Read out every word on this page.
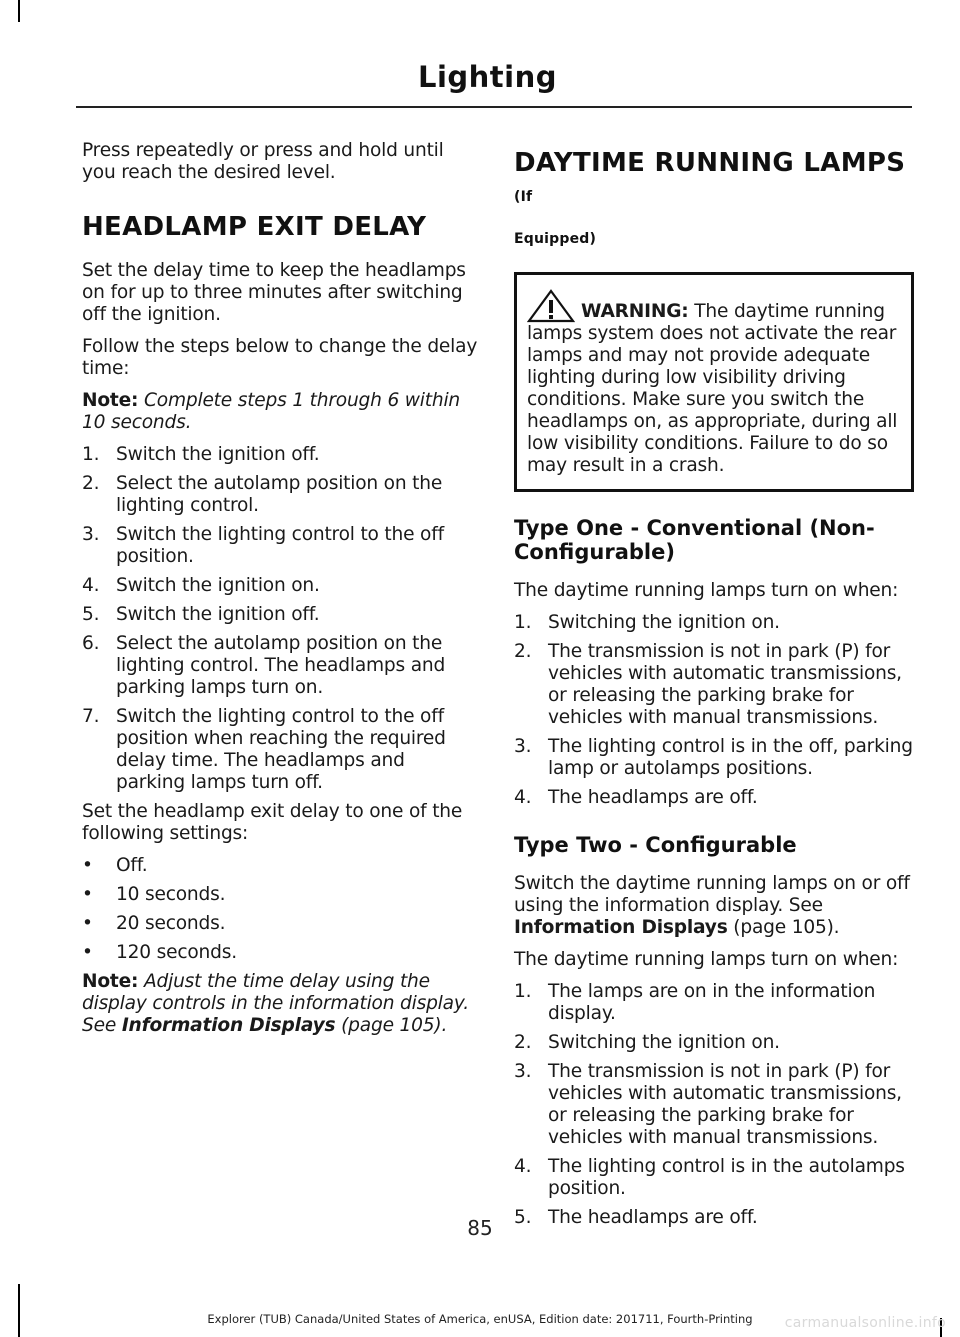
Lighting

Press repeatedly or press and hold until you reach the desired level.

HEADLAMP EXIT DELAY

Set the delay time to keep the headlamps on for up to three minutes after switching off the ignition.

Follow the steps below to change the delay time:

Note: Complete steps 1 through 6 within 10 seconds.

1. Switch the ignition off.
2. Select the autolamp position on the lighting control.
3. Switch the lighting control to the off position.
4. Switch the ignition on.
5. Switch the ignition off.
6. Select the autolamp position on the lighting control. The headlamps and parking lamps turn on.
7. Switch the lighting control to the off position when reaching the required delay time. The headlamps and parking lamps turn off.

Set the headlamp exit delay to one of the following settings:

• Off.
• 10 seconds.
• 20 seconds.
• 120 seconds.

Note: Adjust the time delay using the display controls in the information display. See Information Displays (page 105).

DAYTIME RUNNING LAMPS (If
Equipped)
WARNING: The daytime running lamps system does not activate the rear lamps and may not provide adequate lighting during low visibility driving conditions. Make sure you switch the headlamps on, as appropriate, during all low visibility conditions. Failure to do so may result in a crash.
Type One - Conventional (Non-Configurable)

The daytime running lamps turn on when:

1. Switching the ignition on.
2. The transmission is not in park (P) for vehicles with automatic transmissions, or releasing the parking brake for vehicles with manual transmissions.
3. The lighting control is in the off, parking lamp or autolamps positions.
4. The headlamps are off.
Type Two - Configurable

Switch the daytime running lamps on or off using the information display. See Information Displays (page 105).

The daytime running lamps turn on when:

1. The lamps are on in the information display.
2. Switching the ignition on.
3. The transmission is not in park (P) for vehicles with automatic transmissions, or releasing the parking brake for vehicles with manual transmissions.
4. The lighting control is in the autolamps position.
5. The headlamps are off.
85
Explorer (TUB) Canada/United States of America, enUSA, Edition date: 201711, Fourth-Printing	carmanualsonline.info
